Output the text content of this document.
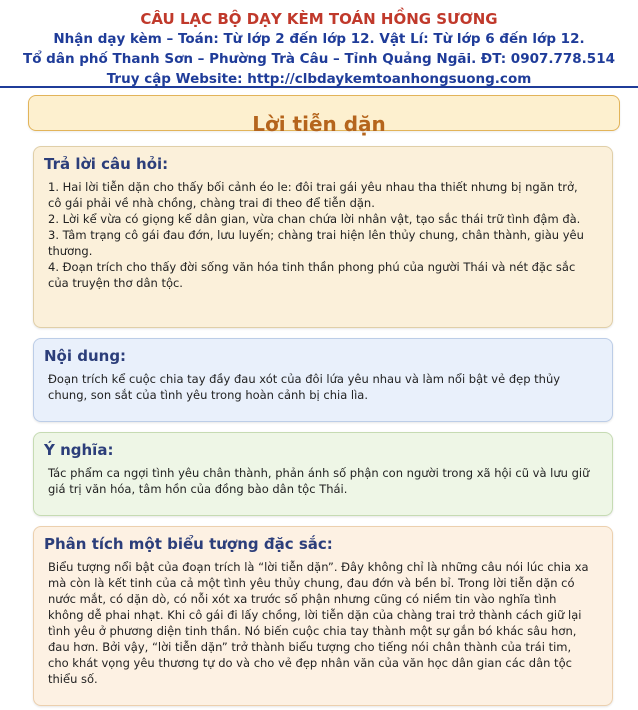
CÂU LẠC BỘ DẠY KÈM TOÁN HỒNG SƯƠNG
Nhận dạy kèm – Toán: Từ lớp 2 đến lớp 12. Vật Lí: Từ lớp 6 đến lớp 12.
Tổ dân phố Thanh Sơn – Phường Trà Câu – Tỉnh Quảng Ngãi. ĐT: 0907.778.514
Truy cập Website: http://clbdaykemtoanhongsuong.com
Lời tiễn dặn
Trả lời câu hỏi:
1. Hai lời tiễn dặn cho thấy bối cảnh éo le: đôi trai gái yêu nhau tha thiết nhưng bị ngăn trở, cô gái phải về nhà chồng, chàng trai đi theo để tiễn dặn.
2. Lời kể vừa có giọng kể dân gian, vừa chan chứa lời nhân vật, tạo sắc thái trữ tình đậm đà.
3. Tâm trạng cô gái đau đớn, lưu luyến; chàng trai hiện lên thủy chung, chân thành, giàu yêu thương.
4. Đoạn trích cho thấy đời sống văn hóa tinh thần phong phú của người Thái và nét đặc sắc của truyện thơ dân tộc.
Nội dung:

Đoạn trích kể cuộc chia tay đầy đau xót của đôi lứa yêu nhau và làm nổi bật vẻ đẹp thủy chung, son sắt của tình yêu trong hoàn cảnh bị chia lìa.

Ý nghĩa:

Tác phẩm ca ngợi tình yêu chân thành, phản ánh số phận con người trong xã hội cũ và lưu giữ giá trị văn hóa, tâm hồn của đồng bào dân tộc Thái.

Phân tích một biểu tượng đặc sắc:

Biểu tượng nổi bật của đoạn trích là “lời tiễn dặn”. Đây không chỉ là những câu nói lúc chia xa mà còn là kết tinh của cả một tình yêu thủy chung, đau đớn và bền bỉ. Trong lời tiễn dặn có nước mắt, có dặn dò, có nỗi xót xa trước số phận nhưng cũng có niềm tin vào nghĩa tình không dễ phai nhạt. Khi cô gái đi lấy chồng, lời tiễn dặn của chàng trai trở thành cách giữ lại tình yêu ở phương diện tinh thần. Nó biến cuộc chia tay thành một sự gắn bó khác sâu hơn, đau hơn. Bởi vậy, “lời tiễn dặn” trở thành biểu tượng cho tiếng nói chân thành của trái tim, cho khát vọng yêu thương tự do và cho vẻ đẹp nhân văn của văn học dân gian các dân tộc thiểu số.
